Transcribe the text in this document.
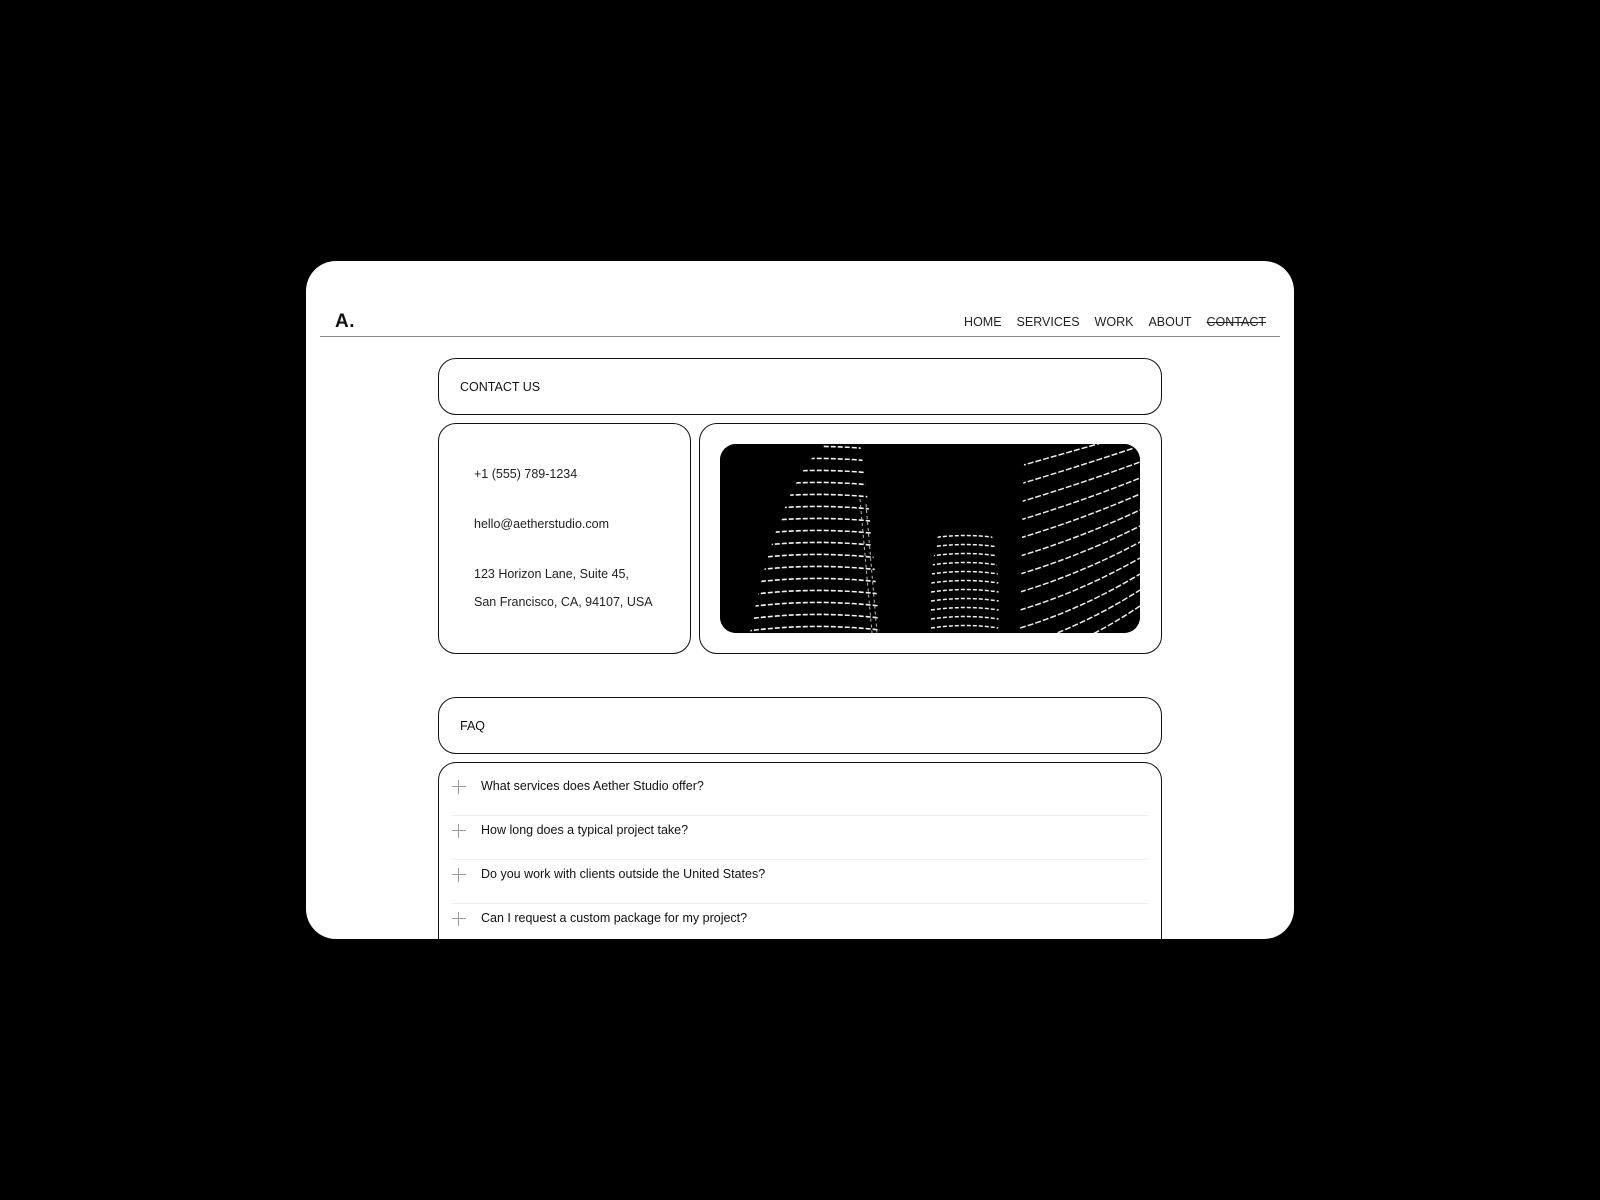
A.	HOME SERVICES WORK ABOUT CONTACT
CONTACT US
+1 (555) 789-1234
hello@aetherstudio.com
123 Horizon Lane, Suite 45,
San Francisco, CA, 94107, USA
FAQ
What services does Aether Studio offer?
How long does a typical project take?
Do you work with clients outside the United States?
Can I request a custom package for my project?
